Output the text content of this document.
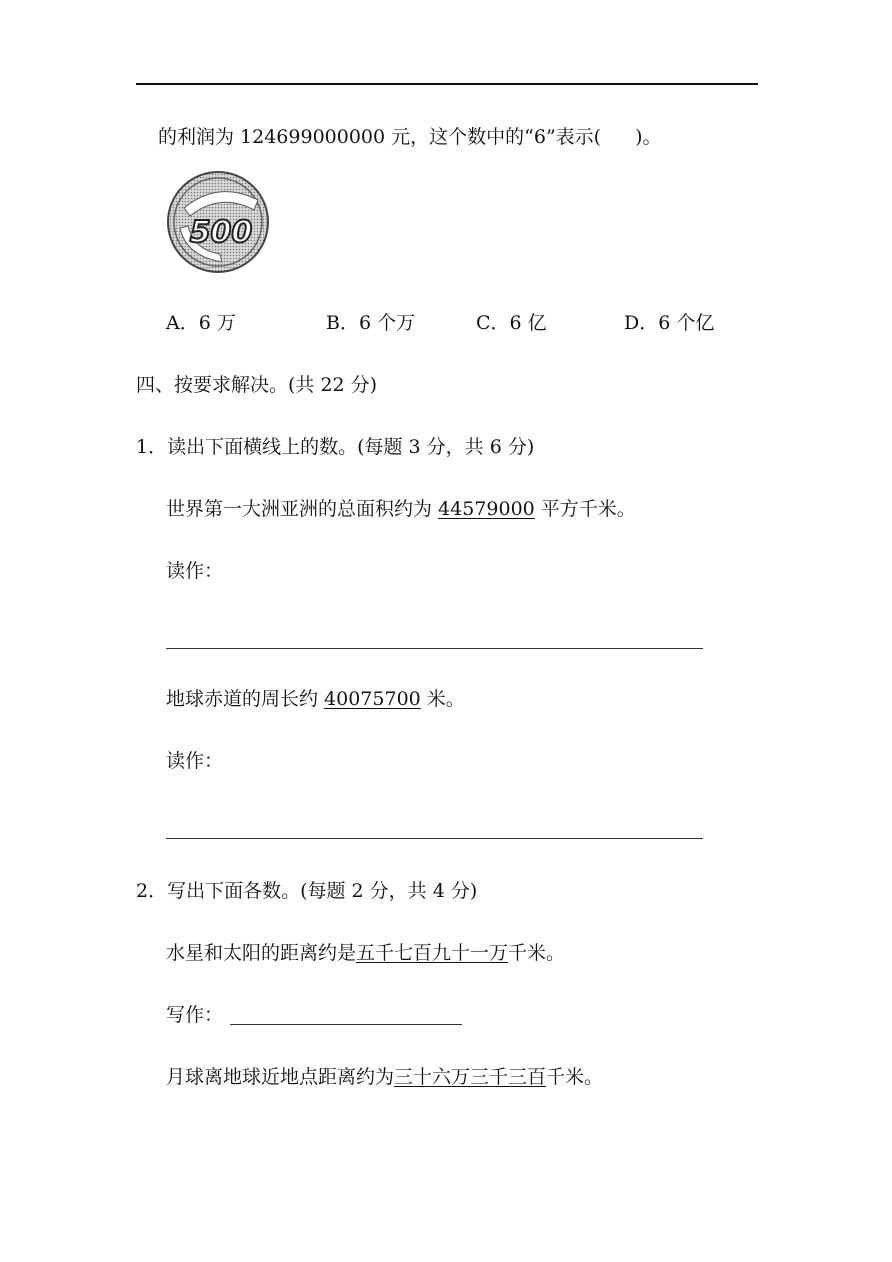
的利润为 124699000000 元，这个数中的“6”表示( )。
500
A．6 万	B．6 个万	C．6 亿	D．6 个亿
四、按要求解决。(共 22 分)
1．读出下面横线上的数。(每题 3 分，共 6 分)
世界第一大洲亚洲的总面积约为 44579000 平方千米。
读作：
地球赤道的周长约 40075700 米。
读作：
2．写出下面各数。(每题 2 分，共 4 分)
水星和太阳的距离约是五千七百九十一万千米。
写作：
月球离地球近地点距离约为三十六万三千三百千米。
